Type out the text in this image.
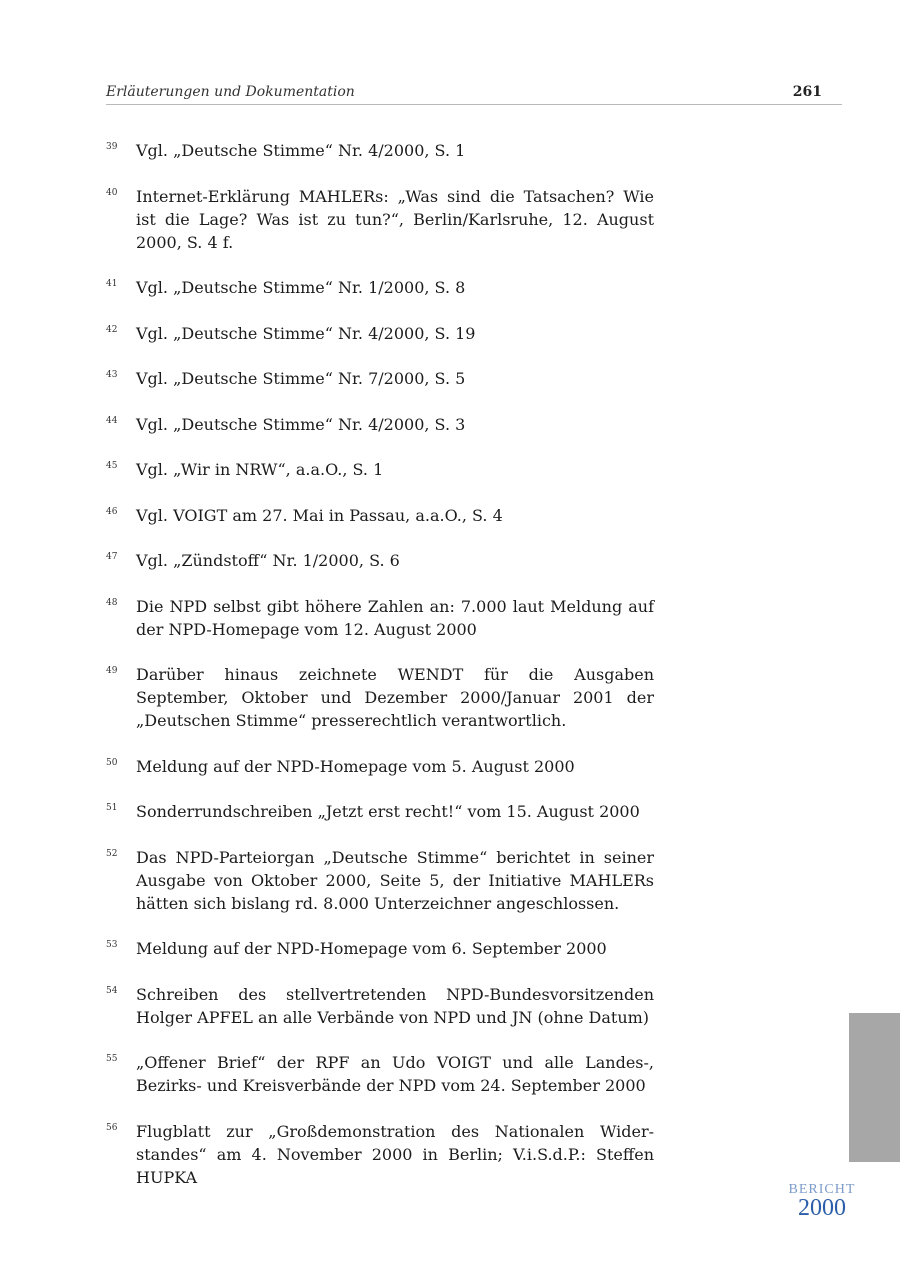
Erläuterungen und Dokumentation	261
39 Vgl. „Deutsche Stimme“ Nr. 4/2000, S. 1
40 Internet-Erklärung MAHLERs: „Was sind die Tatsachen? Wie ist die Lage? Was ist zu tun?“, Berlin/Karlsruhe, 12. August 2000, S. 4 f.
41 Vgl. „Deutsche Stimme“ Nr. 1/2000, S. 8
42 Vgl. „Deutsche Stimme“ Nr. 4/2000, S. 19
43 Vgl. „Deutsche Stimme“ Nr. 7/2000, S. 5
44 Vgl. „Deutsche Stimme“ Nr. 4/2000, S. 3
45 Vgl. „Wir in NRW“, a.a.O., S. 1
46 Vgl. VOIGT am 27. Mai in Passau, a.a.O., S. 4
47 Vgl. „Zündstoff“ Nr. 1/2000, S. 6
48 Die NPD selbst gibt höhere Zahlen an: 7.000 laut Meldung auf der NPD-Homepage vom 12. August 2000
49 Darüber hinaus zeichnete WENDT für die Ausgaben September, Oktober und Dezember 2000/Januar 2001 der „Deutschen Stimme“ presserechtlich verantwortlich.
50 Meldung auf der NPD-Homepage vom 5. August 2000
51 Sonderrundschreiben „Jetzt erst recht!“ vom 15. August 2000
52 Das NPD-Parteiorgan „Deutsche Stimme“ berichtet in seiner Ausgabe von Oktober 2000, Seite 5, der Initiative MAHLERs hätten sich bislang rd. 8.000 Unterzeichner angeschlossen.
53 Meldung auf der NPD-Homepage vom 6. September 2000
54 Schreiben des stellvertretenden NPD-Bundesvorsitzenden Holger APFEL an alle Verbände von NPD und JN (ohne Datum)
55 „Offener Brief“ der RPF an Udo VOIGT und alle Landes-, Bezirks- und Kreisverbände der NPD vom 24. September 2000
56 Flugblatt zur „Großdemonstration des Nationalen Widerstandes“ am 4. November 2000 in Berlin; V.i.S.d.P.: Steffen HUPKA
BERICHT
2000
